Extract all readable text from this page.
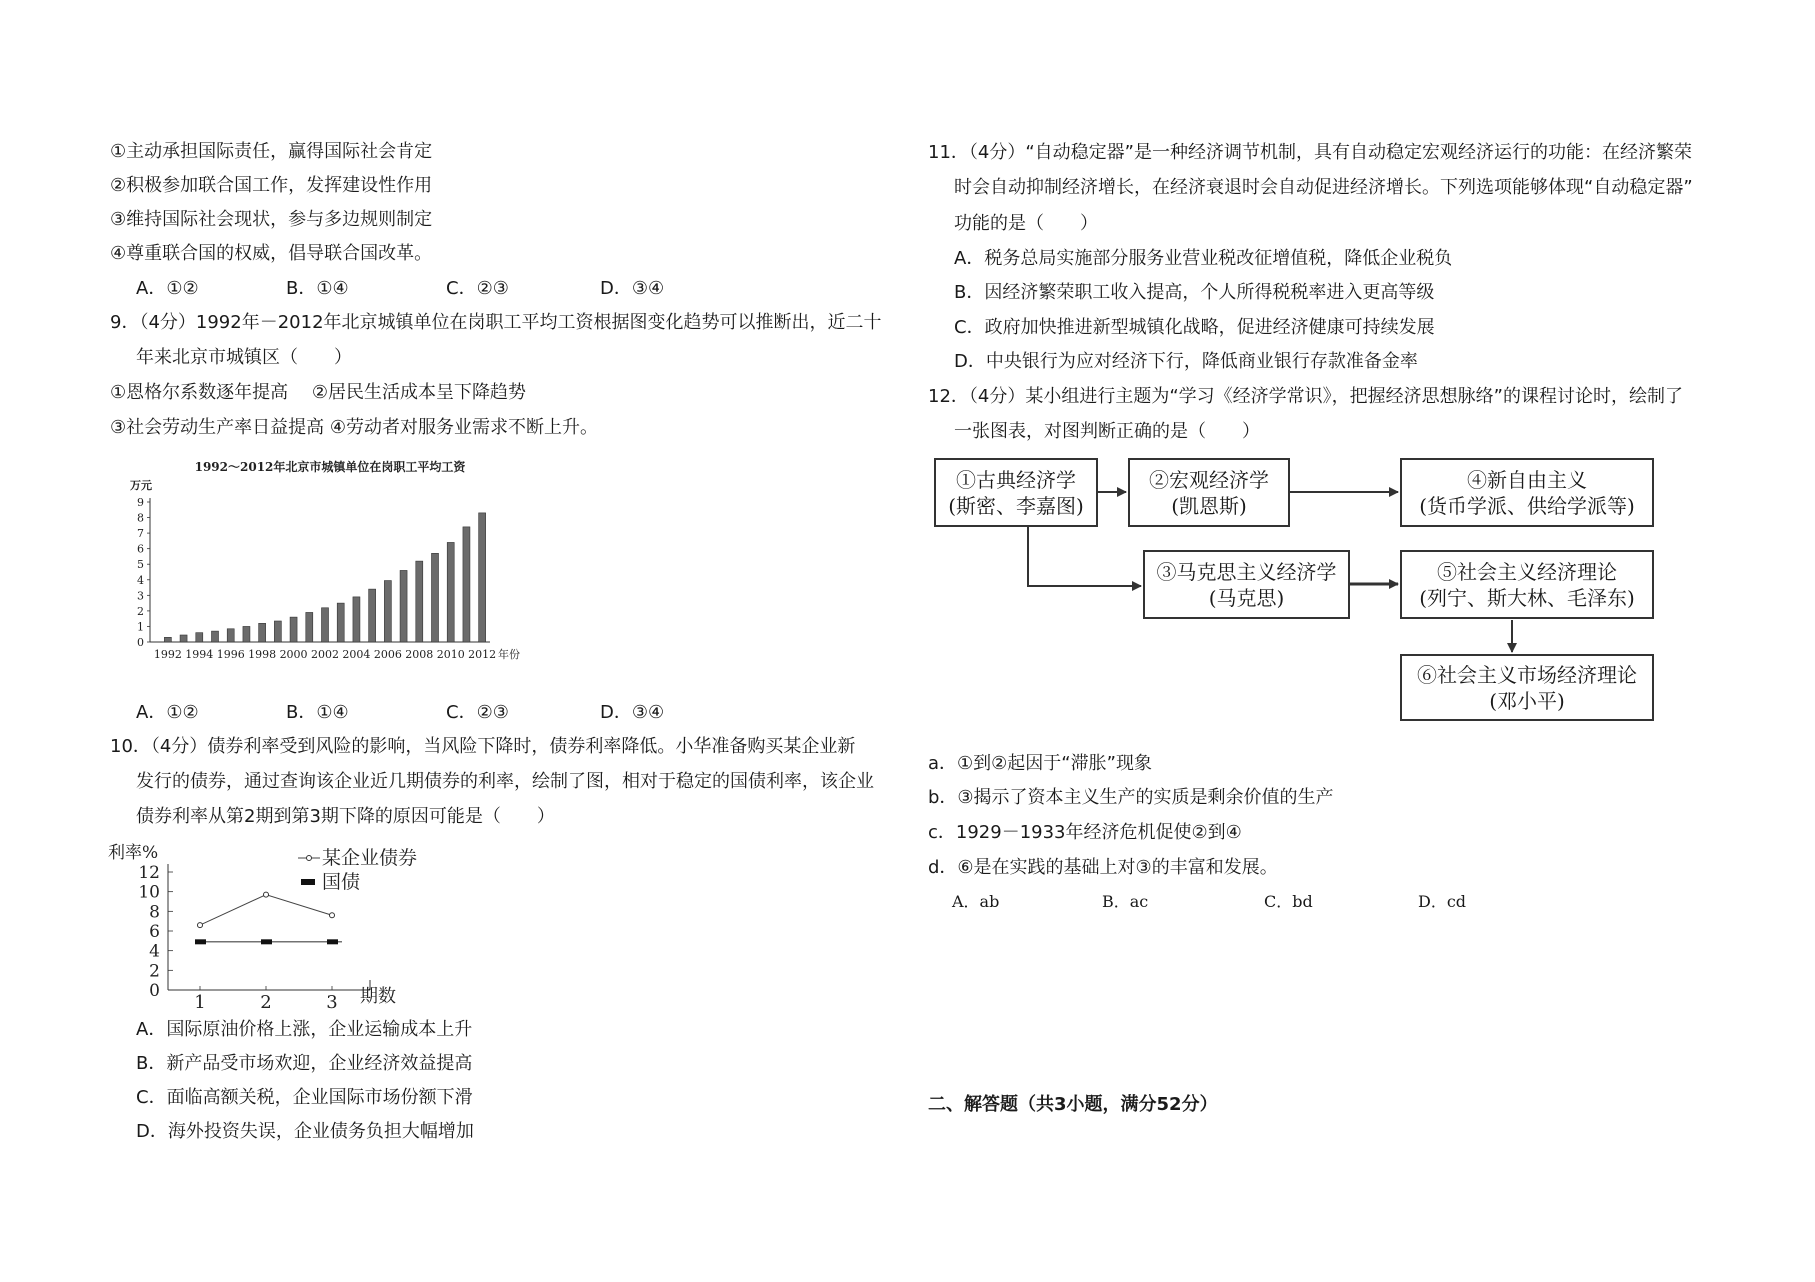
①主动承担国际责任，赢得国际社会肯定
②积极参加联合国工作，发挥建设性作用
③维持国际社会现状，参与多边规则制定
④尊重联合国的权威，倡导联合国改革。
A．①②	B．①④	C．②③	D．③④
9．（4分）1992年－2012年北京城镇单位在岗职工平均工资根据图变化趋势可以推断出，近二十
年来北京市城镇区（　　）
①恩格尔系数逐年提高　 ②居民生活成本呈下降趋势
③社会劳动生产率日益提高 ④劳动者对服务业需求不断上升。
1992～2012年北京市城镇单位在岗职工平均工资
万元
0
1
2
3
4
5
6
7
8
9
1992 1994 1996 1998 2000 2002 2004 2006 2008 2010 2012 年份
A．①②	B．①④	C．②③	D．③④
10．（4分）债券利率受到风险的影响，当风险下降时，债券利率降低。小华准备购买某企业新
发行的债券，通过查询该企业近几期债券的利率，绘制了图，相对于稳定的国债利率，该企业
债券利率从第2期到第3期下降的原因可能是（　　）
利率%
0
2
4
6
8
10
12
1	2	3
某企业债券
国债
期数
A．国际原油价格上涨，企业运输成本上升
B．新产品受市场欢迎，企业经济效益提高
C．面临高额关税，企业国际市场份额下滑
D．海外投资失误，企业债务负担大幅增加
11．（4分）“自动稳定器”是一种经济调节机制，具有自动稳定宏观经济运行的功能：在经济繁荣
时会自动抑制经济增长，在经济衰退时会自动促进经济增长。下列选项能够体现“自动稳定器”
功能的是（　　）
A．税务总局实施部分服务业营业税改征增值税，降低企业税负
B．因经济繁荣职工收入提高，个人所得税税率进入更高等级
C．政府加快推进新型城镇化战略，促进经济健康可持续发展
D．中央银行为应对经济下行，降低商业银行存款准备金率
12．（4分）某小组进行主题为“学习《经济学常识》，把握经济思想脉络”的课程讨论时，绘制了
一张图表，对图判断正确的是（　　）
①古典经济学
(斯密、李嘉图)
②宏观经济学
(凯恩斯)
④新自由主义
(货币学派、供给学派等)
③马克思主义经济学
(马克思)
⑤社会主义经济理论
(列宁、斯大林、毛泽东)
⑥社会主义市场经济理论
(邓小平)
a．①到②起因于“滞胀”现象
b．③揭示了资本主义生产的实质是剩余价值的生产
c．1929－1933年经济危机促使②到④
d．⑥是在实践的基础上对③的丰富和发展。
A．ab	B．ac	C．bd	D．cd
二、解答题（共3小题，满分52分）
